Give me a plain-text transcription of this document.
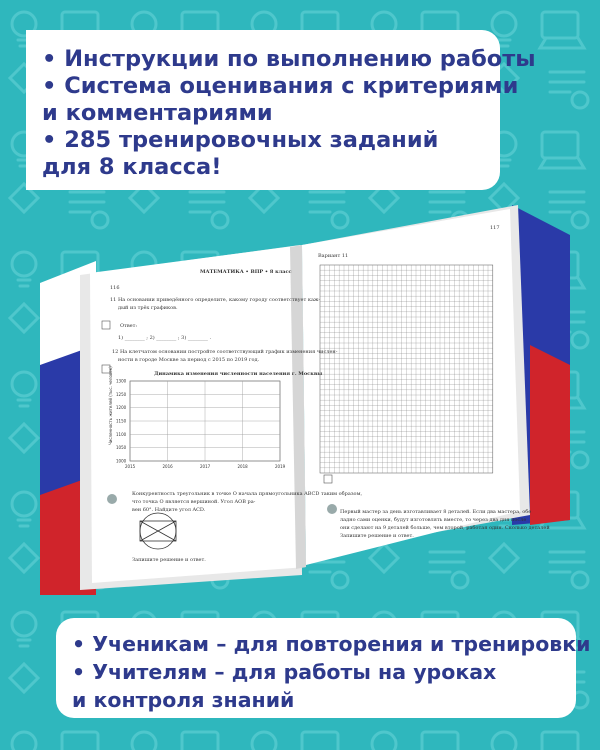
• Инструкции по выполнению работы
• Система оценивания с критериями
и комментариями
• 285 тренировочных заданий
для 8 класса!
116
МАТЕМАТИКА • ВПР • 8 класс
11 На основании приведённого определите, какому городу соответствует каж-
дый из трёх графиков.
Ответ:
1) ________ ; 2) ________ ; 3) ________ .
12 На клетчатом основании постройте соответствующий график изменения числен-
ности в городе Москве за период с 2015 по 2019 год.
Динамика изменения численности населения г. Москвы
Конкурентность треугольник в точке О начала прямоугольника ABCD таким образом,
что точка О является вершиной. Угол AOB ра-
вен 60°. Найдите угол ACD.
Запишите решение и ответ.
1000
1050
1100
1150
1200
1250
1300
2015	2016	2017	2018	2019
Численность жителей (тыс. человек)
Вариант 11
117
Первый мастер за день изготавливает 8 деталей. Если два мастера, обе
ладно сами оценки, будут изготовлять вместе, то через два дня после
они сделают на 9 деталей больше, чем второй, работая один. Сколько деталей
Запишите решение и ответ.
• Ученикам – для повторения и тренировки
• Учителям – для работы на уроках
и контроля знаний
